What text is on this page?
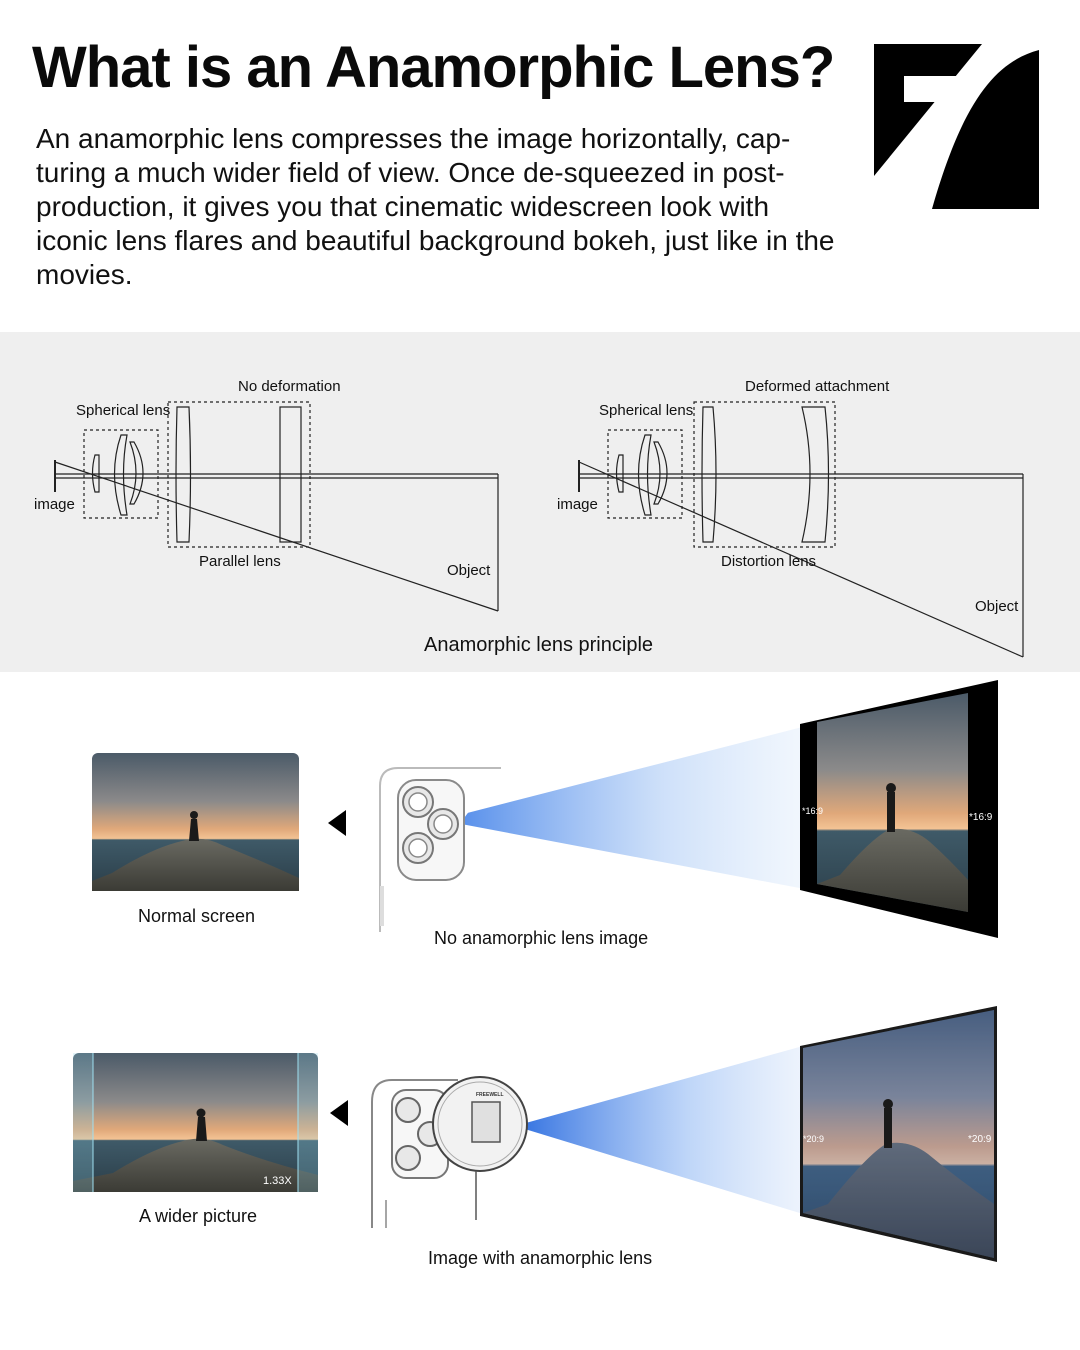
What is an Anamorphic Lens?

An anamorphic lens compresses the image horizontally, cap-turing a much wider field of view. Once de-squeezed in post-production, it gives you that cinematic widescreen look with iconic lens flares and beautiful background bokeh, just like in the movies.

No deformation
Spherical lens
image
Parallel lens
Object
Deformed attachment
Spherical lens
image
Distortion lens
Object
Anamorphic lens principle
Normal screen
*16:9
*16:9
No anamorphic lens image
1.33X
A wider picture
FREEWELL
*20:9	*20:9
Image with anamorphic lens
